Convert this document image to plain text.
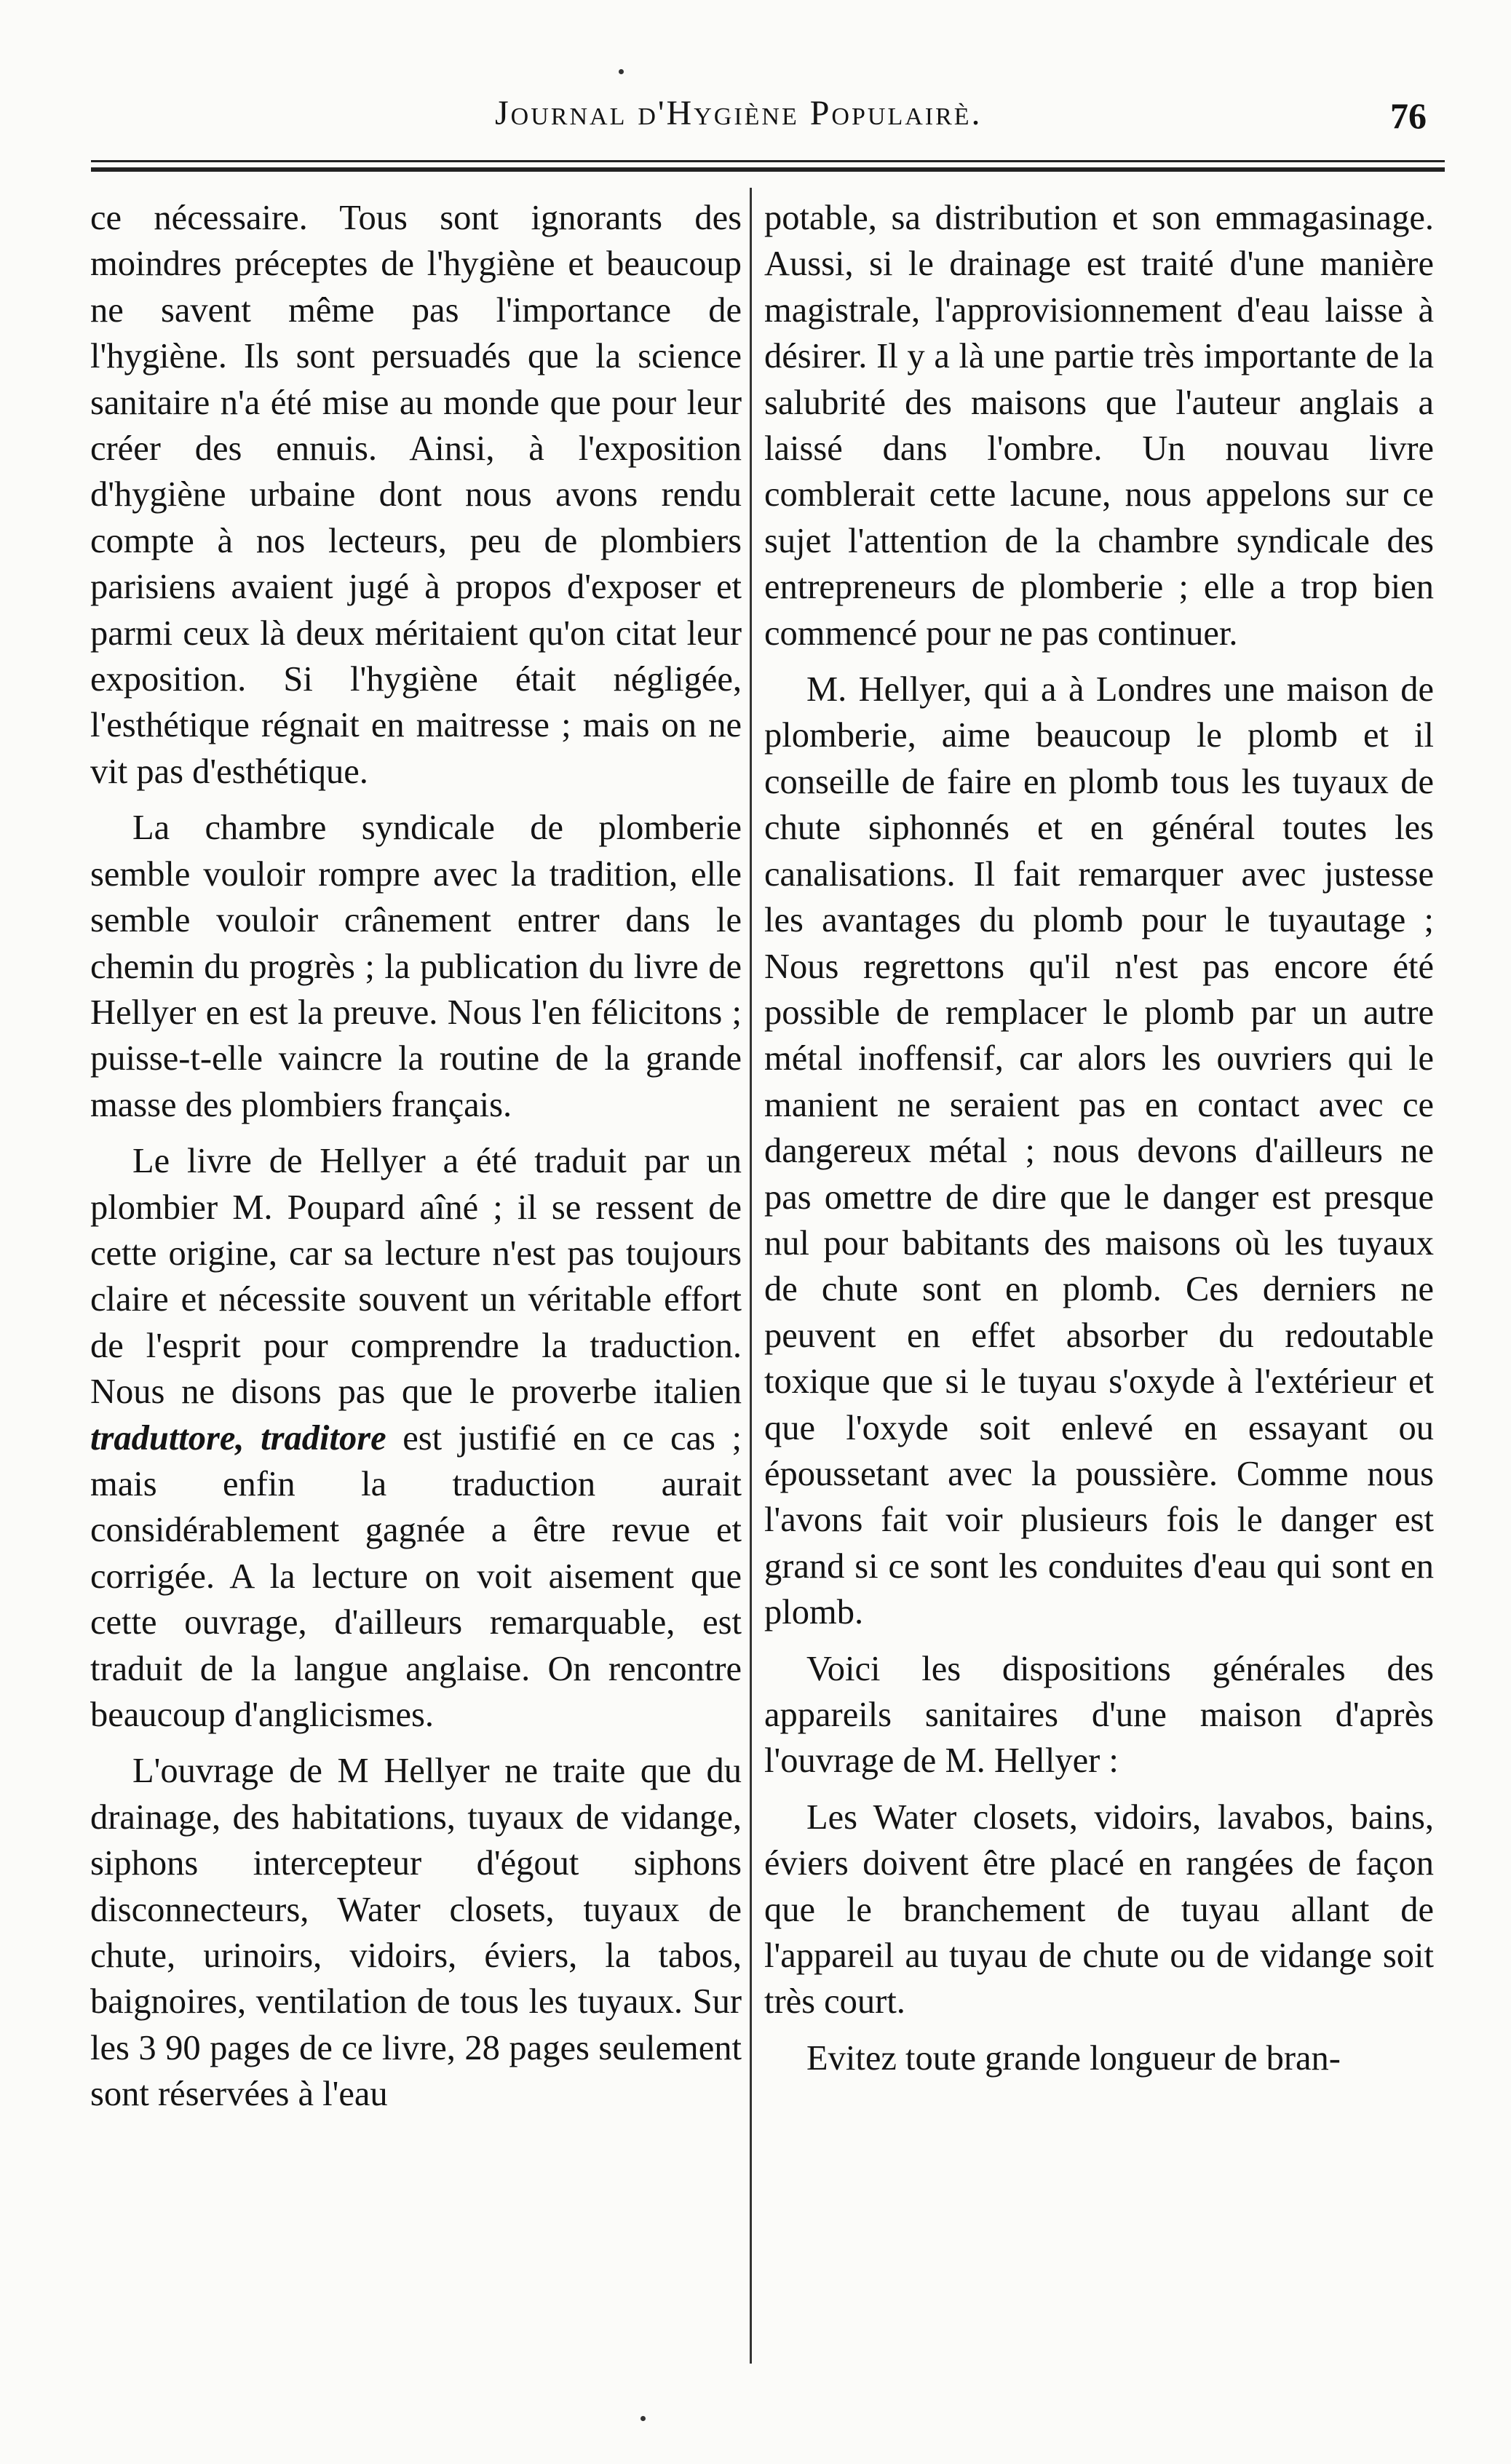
Journal d'Hygiène Populairè.	76

ce nécessaire. Tous sont ignorants des moindres préceptes de l'hygiène et beaucoup ne savent même pas l'importance de l'hygiène. Ils sont persuadés que la science sanitaire n'a été mise au monde que pour leur créer des ennuis. Ainsi, à l'exposition d'hygiène urbaine dont nous avons rendu compte à nos lecteurs, peu de plombiers parisiens avaient jugé à propos d'exposer et parmi ceux là deux méritaient qu'on citat leur exposition. Si l'hygiène était négligée, l'esthétique régnait en maitresse ; mais on ne vit pas d'esthétique.

La chambre syndicale de plomberie semble vouloir rompre avec la tradition, elle semble vouloir crânement entrer dans le chemin du progrès ; la publication du livre de Hellyer en est la preuve. Nous l'en félicitons ; puisse-t-elle vaincre la routine de la grande masse des plombiers français.

Le livre de Hellyer a été traduit par un plombier M. Poupard aîné ; il se ressent de cette origine, car sa lecture n'est pas toujours claire et nécessite souvent un véritable effort de l'esprit pour comprendre la traduction. Nous ne disons pas que le proverbe italien traduttore, traditore est justifié en ce cas ; mais enfin la traduction aurait considérablement gagnée a être revue et corrigée. A la lecture on voit aisement que cette ouvrage, d'ailleurs remarquable, est traduit de la langue anglaise. On rencontre beaucoup d'anglicismes.

L'ouvrage de M Hellyer ne traite que du drainage, des habitations, tuyaux de vidange, siphons intercepteur d'égout siphons disconnecteurs, Water closets, tuyaux de chute, urinoirs, vidoirs, éviers, la tabos, baignoires, ventilation de tous les tuyaux. Sur les 3 90 pages de ce livre, 28 pages seulement sont réservées à l'eau

potable, sa distribution et son emmagasinage. Aussi, si le drainage est traité d'une manière magistrale, l'approvisionnement d'eau laisse à désirer. Il y a là une partie très importante de la salubrité des maisons que l'auteur anglais a laissé dans l'ombre. Un nouvau livre comblerait cette lacune, nous appelons sur ce sujet l'attention de la chambre syndicale des entrepreneurs de plomberie ; elle a trop bien commencé pour ne pas continuer.

M. Hellyer, qui a à Londres une maison de plomberie, aime beaucoup le plomb et il conseille de faire en plomb tous les tuyaux de chute siphonnés et en général toutes les canalisations. Il fait remarquer avec justesse les avantages du plomb pour le tuyautage ; Nous regrettons qu'il n'est pas encore été possible de remplacer le plomb par un autre métal inoffensif, car alors les ouvriers qui le manient ne seraient pas en contact avec ce dangereux métal ; nous devons d'ailleurs ne pas omettre de dire que le danger est presque nul pour babitants des maisons où les tuyaux de chute sont en plomb. Ces derniers ne peuvent en effet absorber du redoutable toxique que si le tuyau s'oxyde à l'extérieur et que l'oxyde soit enlevé en essayant ou époussetant avec la poussière. Comme nous l'avons fait voir plusieurs fois le danger est grand si ce sont les conduites d'eau qui sont en plomb.

Voici les dispositions générales des appareils sanitaires d'une maison d'après l'ouvrage de M. Hellyer :

Les Water closets, vidoirs, lavabos, bains, éviers doivent être placé en rangées de façon que le branchement de tuyau allant de l'appareil au tuyau de chute ou de vidange soit très court.

Evitez toute grande longueur de bran-
